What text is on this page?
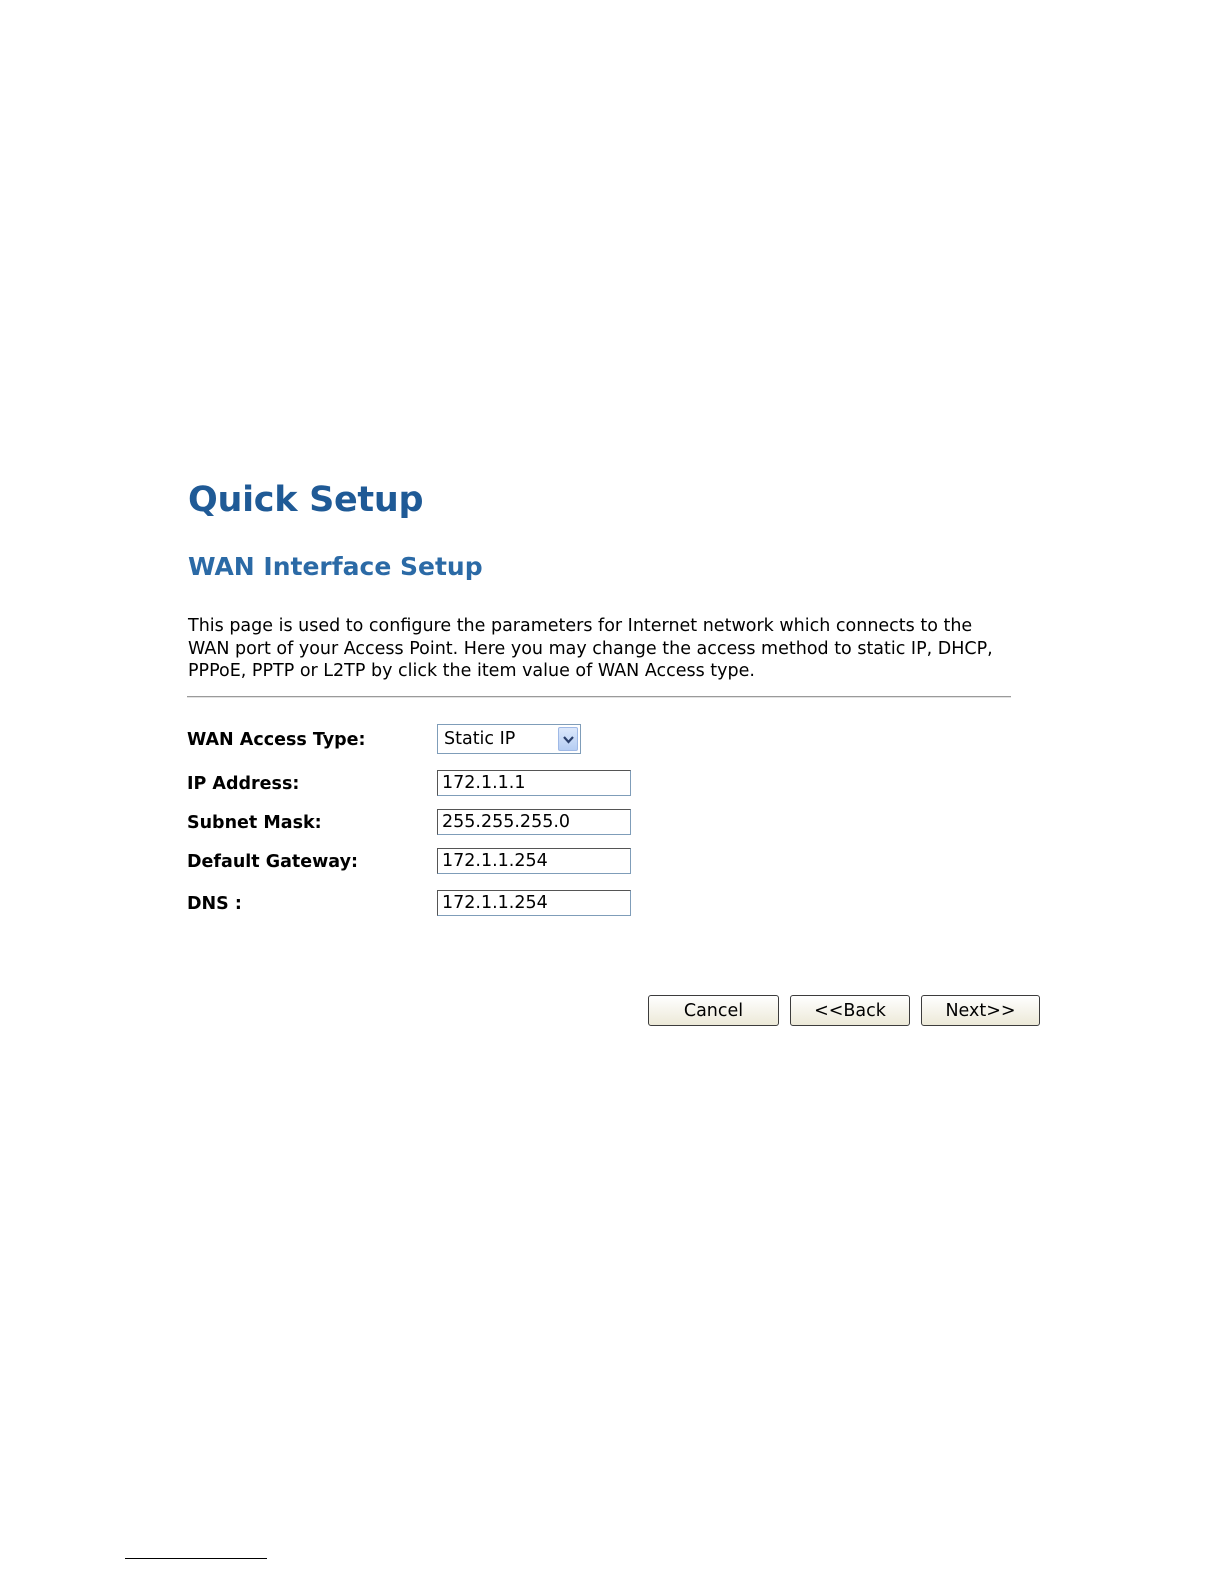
Quick Setup
WAN Interface Setup

This page is used to configure the parameters for Internet network which connects to the WAN port of your Access Point. Here you may change the access method to static IP, DHCP, PPPoE, PPTP or L2TP by click the item value of WAN Access type.

WAN Access Type:	Static IP
IP Address:
172.1.1.1
Subnet Mask:
255.255.255.0
Default Gateway:
172.1.1.254
DNS :
172.1.1.254
Cancel	<<Back	Next>>
